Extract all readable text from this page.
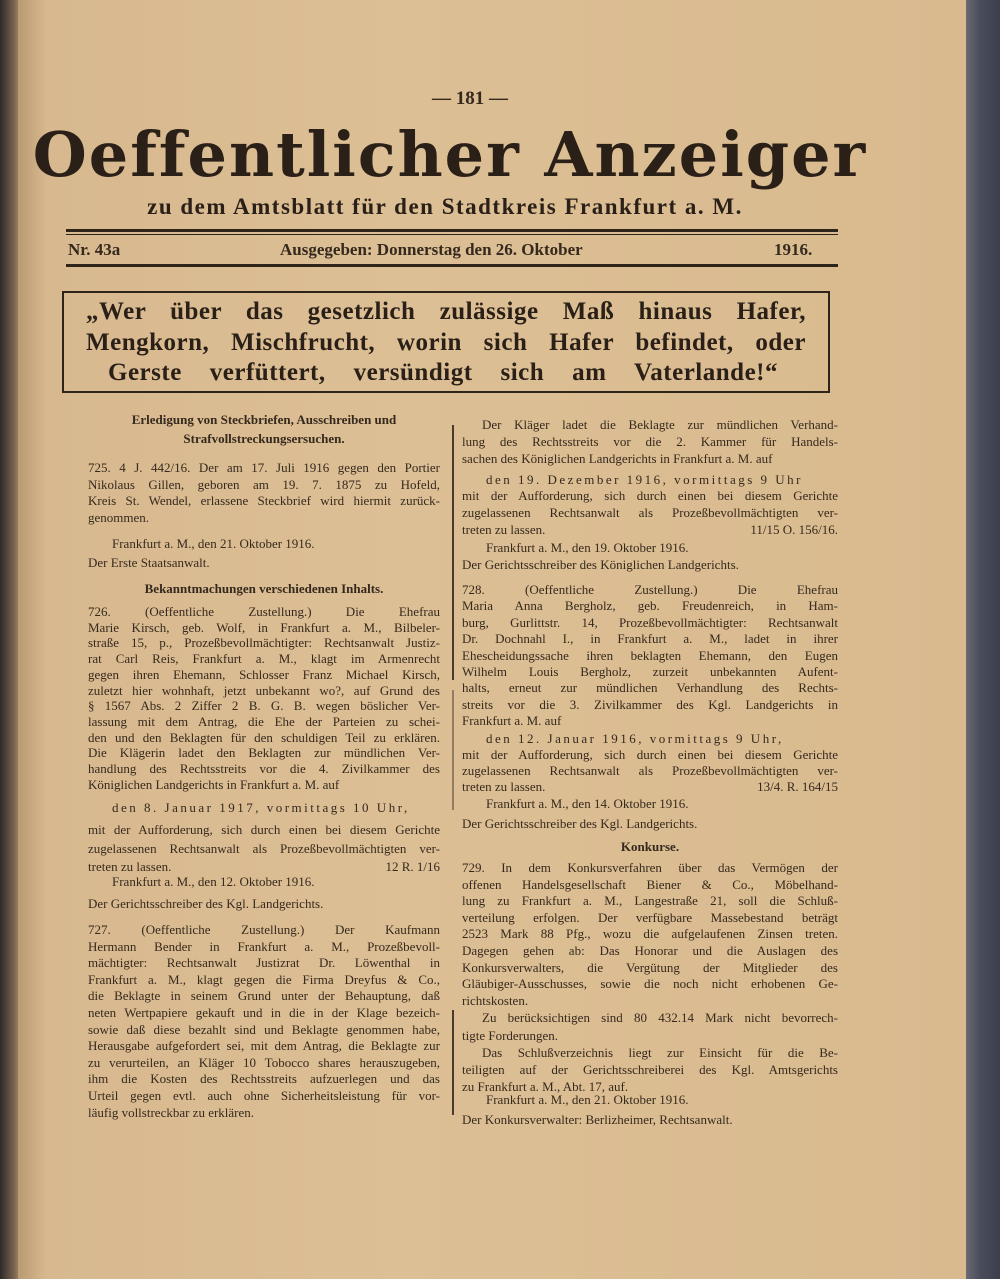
— 181 —
Oeffentlicher Anzeiger
zu dem Amtsblatt für den Stadtkreis Frankfurt a. M.
Nr. 43a	Ausgegeben: Donnerstag den 26. Oktober	1916.
„Wer über das gesetzlich zulässige Maß hinaus Hafer,
Mengkorn, Mischfrucht, worin sich Hafer befindet, oder
Gerste verfüttert, versündigt sich am Vaterlande!“
Erledigung von Steckbriefen, Ausschreiben und
Strafvollstreckungsersuchen.
725. 4 J. 442/16. Der am 17. Juli 1916 gegen den Portier
Nikolaus Gillen, geboren am 19. 7. 1875 zu Hofeld,
Kreis St. Wendel, erlassene Steckbrief wird hiermit zurück-
genommen.
Frankfurt a. M., den 21. Oktober 1916.
Der Erste Staatsanwalt.
Bekanntmachungen verschiedenen Inhalts.
726. (Oeffentliche Zustellung.) Die Ehefrau
Marie Kirsch, geb. Wolf, in Frankfurt a. M., Bilbeler-
straße 15, p., Prozeßbevollmächtigter: Rechtsanwalt Justiz-
rat Carl Reis, Frankfurt a. M., klagt im Armenrecht
gegen ihren Ehemann, Schlosser Franz Michael Kirsch,
zuletzt hier wohnhaft, jetzt unbekannt wo?, auf Grund des
§ 1567 Abs. 2 Ziffer 2 B. G. B. wegen böslicher Ver-
lassung mit dem Antrag, die Ehe der Parteien zu schei-
den und den Beklagten für den schuldigen Teil zu erklären.
Die Klägerin ladet den Beklagten zur mündlichen Ver-
handlung des Rechtsstreits vor die 4. Zivilkammer des
Königlichen Landgerichts in Frankfurt a. M. auf
den 8. Januar 1917, vormittags 10 Uhr,
mit der Aufforderung, sich durch einen bei diesem Gerichte
zugelassenen Rechtsanwalt als Prozeßbevollmächtigten ver-
treten zu lassen.	12 R. 1/16
Frankfurt a. M., den 12. Oktober 1916.
Der Gerichtsschreiber des Kgl. Landgerichts.
727. (Oeffentliche Zustellung.) Der Kaufmann
Hermann Bender in Frankfurt a. M., Prozeßbevoll-
mächtigter: Rechtsanwalt Justizrat Dr. Löwenthal in
Frankfurt a. M., klagt gegen die Firma Dreyfus & Co.,
die Beklagte in seinem Grund unter der Behauptung, daß
neten Wertpapiere gekauft und in die in der Klage bezeich-
sowie daß diese bezahlt sind und Beklagte genommen habe,
Herausgabe aufgefordert sei, mit dem Antrag, die Beklagte zur
zu verurteilen, an Kläger 10 Tobocco shares herauszugeben,
ihm die Kosten des Rechtsstreits aufzuerlegen und das
Urteil gegen evtl. auch ohne Sicherheitsleistung für vor-
läufig vollstreckbar zu erklären.
Der Kläger ladet die Beklagte zur mündlichen Verhand-
lung des Rechtsstreits vor die 2. Kammer für Handels-
sachen des Königlichen Landgerichts in Frankfurt a. M. auf
den 19. Dezember 1916, vormittags 9 Uhr
mit der Aufforderung, sich durch einen bei diesem Gerichte
zugelassenen Rechtsanwalt als Prozeßbevollmächtigten ver-
treten zu lassen.	11/15 O. 156/16.
Frankfurt a. M., den 19. Oktober 1916.
Der Gerichtsschreiber des Königlichen Landgerichts.
728. (Oeffentliche Zustellung.) Die Ehefrau
Maria Anna Bergholz, geb. Freudenreich, in Ham-
burg, Gurlittstr. 14, Prozeßbevollmächtigter: Rechtsanwalt
Dr. Dochnahl I., in Frankfurt a. M., ladet in ihrer
Ehescheidungssache ihren beklagten Ehemann, den Eugen
Wilhelm Louis Bergholz, zurzeit unbekannten Aufent-
halts, erneut zur mündlichen Verhandlung des Rechts-
streits vor die 3. Zivilkammer des Kgl. Landgerichts in
Frankfurt a. M. auf
den 12. Januar 1916, vormittags 9 Uhr,
mit der Aufforderung, sich durch einen bei diesem Gerichte
zugelassenen Rechtsanwalt als Prozeßbevollmächtigten ver-
treten zu lassen.	13/4. R. 164/15
Frankfurt a. M., den 14. Oktober 1916.
Der Gerichtsschreiber des Kgl. Landgerichts.
Konkurse.
729. In dem Konkursverfahren über das Vermögen der
offenen Handelsgesellschaft Biener & Co., Möbelhand-
lung zu Frankfurt a. M., Langestraße 21, soll die Schluß-
verteilung erfolgen. Der verfügbare Massebestand beträgt
2523 Mark 88 Pfg., wozu die aufgelaufenen Zinsen treten.
Dagegen gehen ab: Das Honorar und die Auslagen des
Konkursverwalters, die Vergütung der Mitglieder des
Gläubiger-Ausschusses, sowie die noch nicht erhobenen Ge-
richtskosten.
Zu berücksichtigen sind 80 432.14 Mark nicht bevorrech-
tigte Forderungen.
Das Schlußverzeichnis liegt zur Einsicht für die Be-
teiligten auf der Gerichtsschreiberei des Kgl. Amtsgerichts
zu Frankfurt a. M., Abt. 17, auf.
Frankfurt a. M., den 21. Oktober 1916.
Der Konkursverwalter: Berlizheimer, Rechtsanwalt.
